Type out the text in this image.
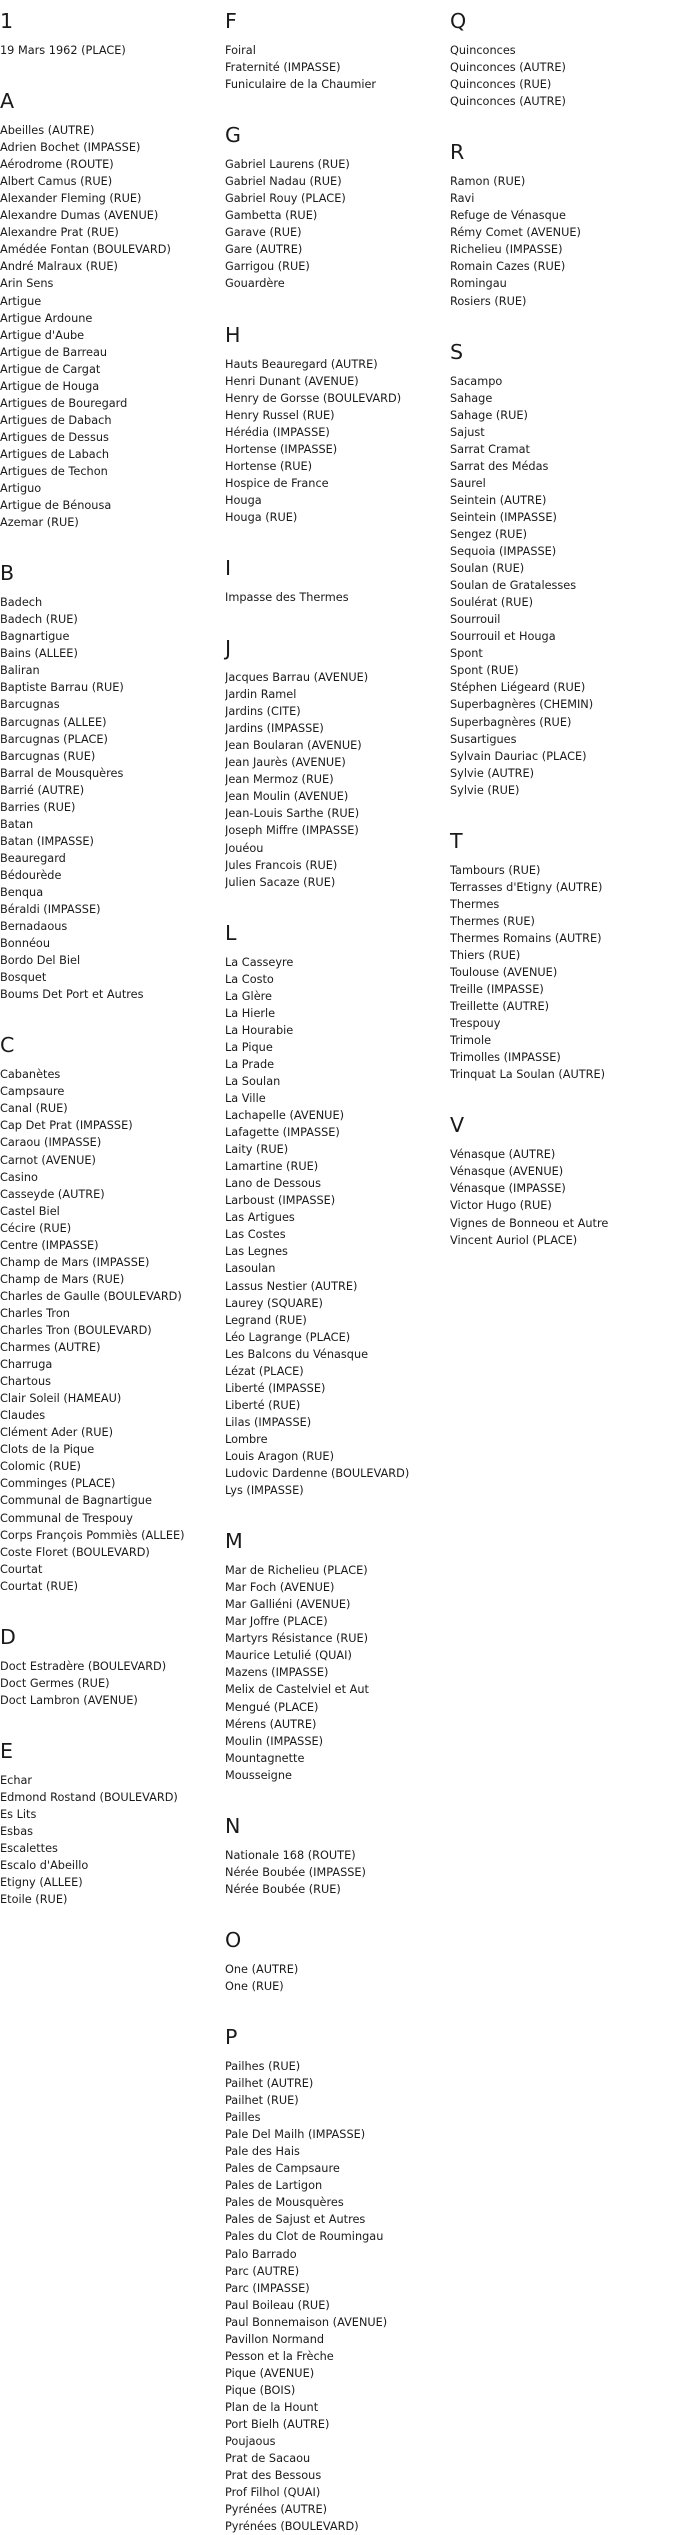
1
19 Mars 1962 (PLACE)
A
Abeilles (AUTRE)
Adrien Bochet (IMPASSE)
Aérodrome (ROUTE)
Albert Camus (RUE)
Alexander Fleming (RUE)
Alexandre Dumas (AVENUE)
Alexandre Prat (RUE)
Amédée Fontan (BOULEVARD)
André Malraux (RUE)
Arin Sens
Artigue
Artigue Ardoune
Artigue d'Aube
Artigue de Barreau
Artigue de Cargat
Artigue de Houga
Artigues de Bouregard
Artigues de Dabach
Artigues de Dessus
Artigues de Labach
Artigues de Techon
Artiguo
Artigue de Bénousa
Azemar (RUE)
B
Badech
Badech (RUE)
Bagnartigue
Bains (ALLEE)
Baliran
Baptiste Barrau (RUE)
Barcugnas
Barcugnas (ALLEE)
Barcugnas (PLACE)
Barcugnas (RUE)
Barral de Mousquères
Barrié (AUTRE)
Barries (RUE)
Batan
Batan (IMPASSE)
Beauregard
Bédourède
Benqua
Béraldi (IMPASSE)
Bernadaous
Bonnéou
Bordo Del Biel
Bosquet
Boums Det Port et Autres
C
Cabanètes
Campsaure
Canal (RUE)
Cap Det Prat (IMPASSE)
Caraou (IMPASSE)
Carnot (AVENUE)
Casino
Casseyde (AUTRE)
Castel Biel
Cécire (RUE)
Centre (IMPASSE)
Champ de Mars (IMPASSE)
Champ de Mars (RUE)
Charles de Gaulle (BOULEVARD)
Charles Tron
Charles Tron (BOULEVARD)
Charmes (AUTRE)
Charruga
Chartous
Clair Soleil (HAMEAU)
Claudes
Clément Ader (RUE)
Clots de la Pique
Colomic (RUE)
Comminges (PLACE)
Communal de Bagnartigue
Communal de Trespouy
Corps François Pommiès (ALLEE)
Coste Floret (BOULEVARD)
Courtat
Courtat (RUE)
D
Doct Estradère (BOULEVARD)
Doct Germes (RUE)
Doct Lambron (AVENUE)
E
Echar
Edmond Rostand (BOULEVARD)
Es Lits
Esbas
Escalettes
Escalo d'Abeillo
Etigny (ALLEE)
Etoile (RUE)
F
Foiral
Fraternité (IMPASSE)
Funiculaire de la Chaumier
G
Gabriel Laurens (RUE)
Gabriel Nadau (RUE)
Gabriel Rouy (PLACE)
Gambetta (RUE)
Garave (RUE)
Gare (AUTRE)
Garrigou (RUE)
Gouardère
H
Hauts Beauregard (AUTRE)
Henri Dunant (AVENUE)
Henry de Gorsse (BOULEVARD)
Henry Russel (RUE)
Hérédia (IMPASSE)
Hortense (IMPASSE)
Hortense (RUE)
Hospice de France
Houga
Houga (RUE)
I
Impasse des Thermes
J
Jacques Barrau (AVENUE)
Jardin Ramel
Jardins (CITE)
Jardins (IMPASSE)
Jean Boularan (AVENUE)
Jean Jaurès (AVENUE)
Jean Mermoz (RUE)
Jean Moulin (AVENUE)
Jean-Louis Sarthe (RUE)
Joseph Miffre (IMPASSE)
Jouéou
Jules Francois (RUE)
Julien Sacaze (RUE)
L
La Casseyre
La Costo
La Glère
La Hierle
La Hourabie
La Pique
La Prade
La Soulan
La Ville
Lachapelle (AVENUE)
Lafagette (IMPASSE)
Laity (RUE)
Lamartine (RUE)
Lano de Dessous
Larboust (IMPASSE)
Las Artigues
Las Costes
Las Legnes
Lasoulan
Lassus Nestier (AUTRE)
Laurey (SQUARE)
Legrand (RUE)
Léo Lagrange (PLACE)
Les Balcons du Vénasque
Lézat (PLACE)
Liberté (IMPASSE)
Liberté (RUE)
Lilas (IMPASSE)
Lombre
Louis Aragon (RUE)
Ludovic Dardenne (BOULEVARD)
Lys (IMPASSE)
M
Mar de Richelieu (PLACE)
Mar Foch (AVENUE)
Mar Galliéni (AVENUE)
Mar Joffre (PLACE)
Martyrs Résistance (RUE)
Maurice Letulié (QUAI)
Mazens (IMPASSE)
Melix de Castelviel et Aut
Mengué (PLACE)
Mérens (AUTRE)
Moulin (IMPASSE)
Mountagnette
Mousseigne
N
Nationale 168 (ROUTE)
Nérée Boubée (IMPASSE)
Nérée Boubée (RUE)
O
One (AUTRE)
One (RUE)
P
Pailhes (RUE)
Pailhet (AUTRE)
Pailhet (RUE)
Pailles
Pale Del Mailh (IMPASSE)
Pale des Hais
Pales de Campsaure
Pales de Lartigon
Pales de Mousquères
Pales de Sajust et Autres
Pales du Clot de Roumingau
Palo Barrado
Parc (AUTRE)
Parc (IMPASSE)
Paul Boileau (RUE)
Paul Bonnemaison (AVENUE)
Pavillon Normand
Pesson et la Frèche
Pique (AVENUE)
Pique (BOIS)
Plan de la Hount
Port Bielh (AUTRE)
Poujaous
Prat de Sacaou
Prat des Bessous
Prof Filhol (QUAI)
Pyrénées (AUTRE)
Pyrénées (BOULEVARD)
Q
Quinconces
Quinconces (AUTRE)
Quinconces (RUE)
Quinconces (AUTRE)
R
Ramon (RUE)
Ravi
Refuge de Vénasque
Rémy Comet (AVENUE)
Richelieu (IMPASSE)
Romain Cazes (RUE)
Romingau
Rosiers (RUE)
S
Sacampo
Sahage
Sahage (RUE)
Sajust
Sarrat Cramat
Sarrat des Médas
Saurel
Seintein (AUTRE)
Seintein (IMPASSE)
Sengez (RUE)
Sequoia (IMPASSE)
Soulan (RUE)
Soulan de Gratalesses
Soulérat (RUE)
Sourrouil
Sourrouil et Houga
Spont
Spont (RUE)
Stéphen Liégeard (RUE)
Superbagnères (CHEMIN)
Superbagnères (RUE)
Susartigues
Sylvain Dauriac (PLACE)
Sylvie (AUTRE)
Sylvie (RUE)
T
Tambours (RUE)
Terrasses d'Etigny (AUTRE)
Thermes
Thermes (RUE)
Thermes Romains (AUTRE)
Thiers (RUE)
Toulouse (AVENUE)
Treille (IMPASSE)
Treillette (AUTRE)
Trespouy
Trimole
Trimolles (IMPASSE)
Trinquat La Soulan (AUTRE)
V
Vénasque (AUTRE)
Vénasque (AVENUE)
Vénasque (IMPASSE)
Victor Hugo (RUE)
Vignes de Bonneou et Autre
Vincent Auriol (PLACE)
